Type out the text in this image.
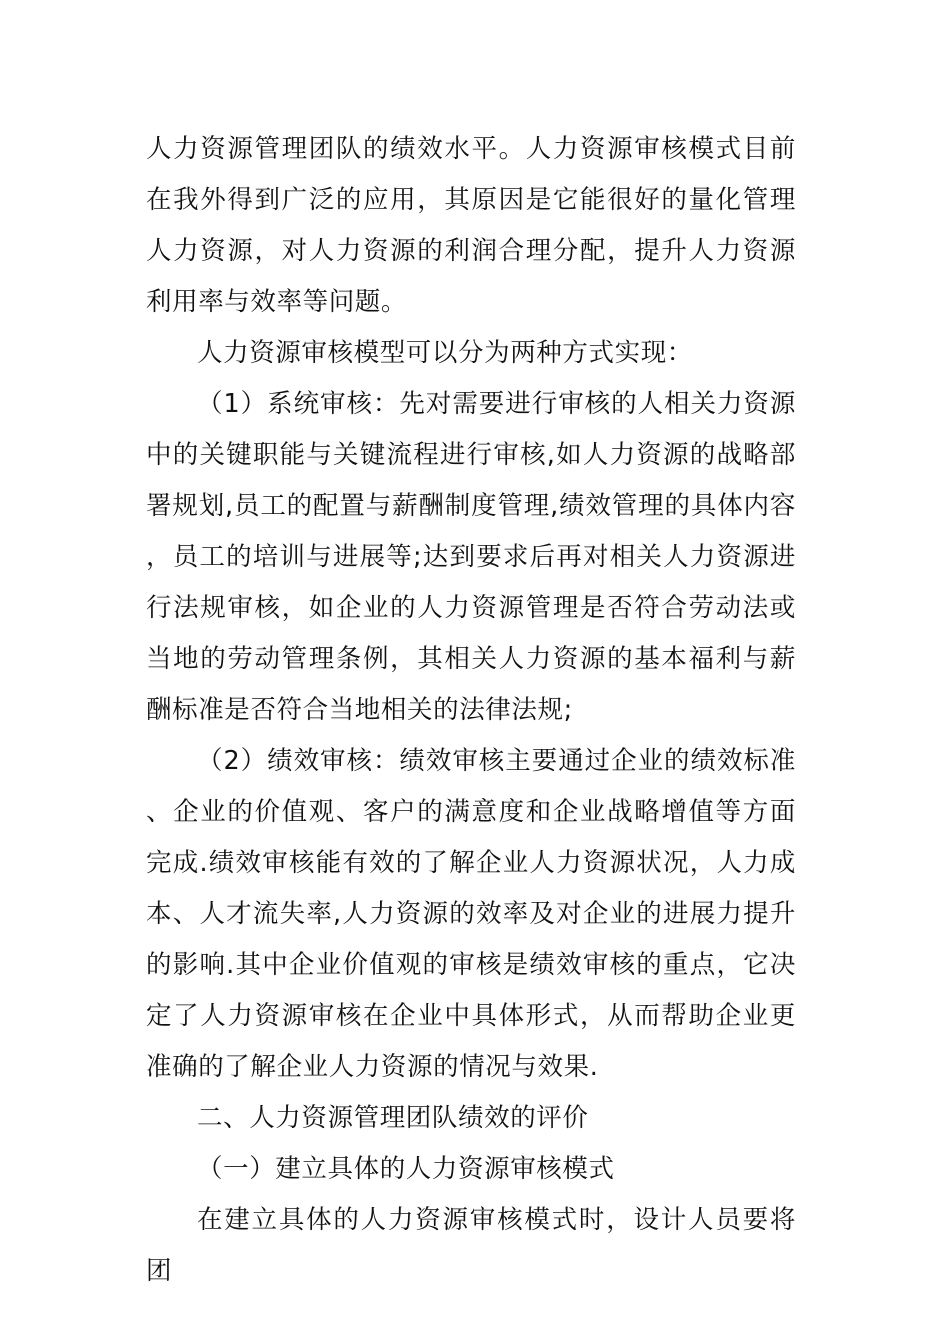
人力资源管理团队的绩效水平。人力资源审核模式目前在我外得到广泛的应用，其原因是它能很好的量化管理人力资源，对人力资源的利润合理分配，提升人力资源利用率与效率等问题。

人力资源审核模型可以分为两种方式实现：

（1）系统审核：先对需要进行审核的人相关力资源中的关键职能与关键流程进行审核,如人力资源的战略部署规划,员工的配置与薪酬制度管理,绩效管理的具体内容，员工的培训与进展等;达到要求后再对相关人力资源进行法规审核，如企业的人力资源管理是否符合劳动法或当地的劳动管理条例，其相关人力资源的基本福利与薪酬标准是否符合当地相关的法律法规;

（2）绩效审核：绩效审核主要通过企业的绩效标准、企业的价值观、客户的满意度和企业战略增值等方面完成.绩效审核能有效的了解企业人力资源状况，人力成本、人才流失率,人力资源的效率及对企业的进展力提升的影响.其中企业价值观的审核是绩效审核的重点，它决定了人力资源审核在企业中具体形式，从而帮助企业更准确的了解企业人力资源的情况与效果.

二、人力资源管理团队绩效的评价

（一）建立具体的人力资源审核模式

在建立具体的人力资源审核模式时，设计人员要将团
